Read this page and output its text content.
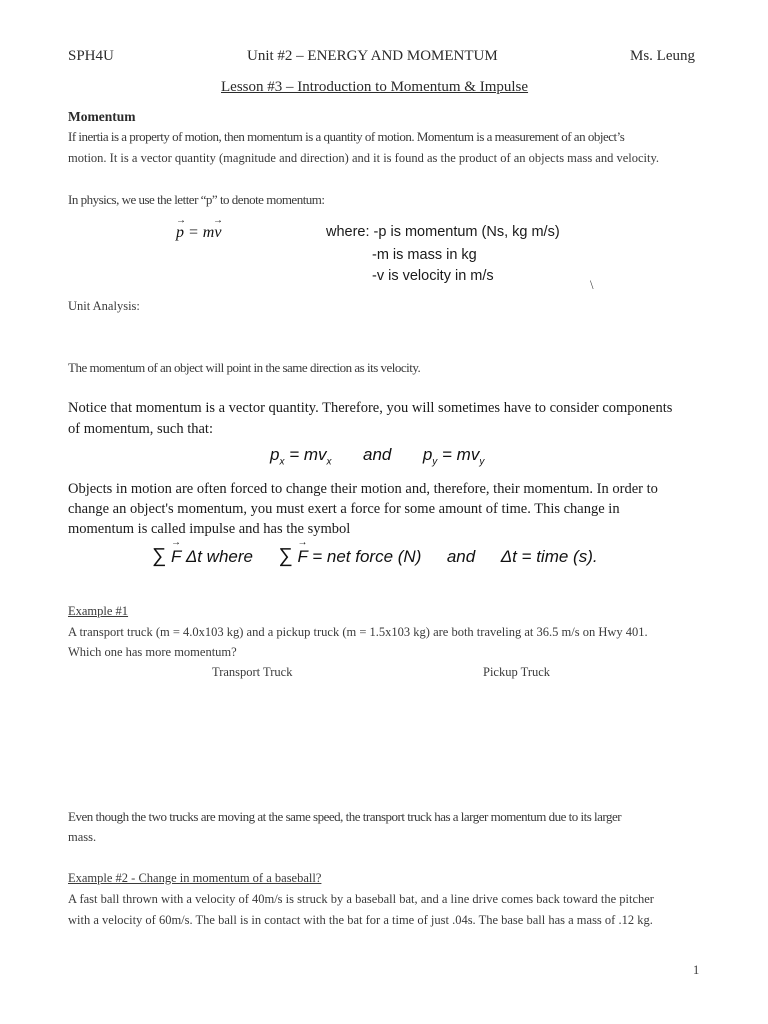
SPH4U	Unit #2 – ENERGY AND MOMENTUM	Ms. Leung
Lesson #3 – Introduction to Momentum & Impulse
Momentum
If inertia is a property of motion, then momentum is a quantity of motion. Momentum is a measurement of an object’s
motion. It is a vector quantity (magnitude and direction) and it is found as the product of an objects mass and velocity.
In physics, we use the letter “p” to denote momentum:
→	→
p = mv	where: -p is momentum (Ns, kg m/s)
-m is mass in kg
-v is velocity in m/s
\
Unit Analysis:
The momentum of an object will point in the same direction as its velocity.
Notice that momentum is a vector quantity. Therefore, you will sometimes have to consider components
of momentum, such that:
$p_x = mv_x$ and $p_y = mv_y$
Objects in motion are often forced to change their motion and, therefore, their momentum. In order to
change an object's momentum, you must exert a force for some amount of time. This change in
momentum is called impulse and has the symbol
∑
→
F Δt where ∑
→
F = net force (N) and Δt = time (s).
Example #1
A transport truck (m = 4.0x103 kg) and a pickup truck (m = 1.5x103 kg) are both traveling at 36.5 m/s on Hwy 401.
Which one has more momentum?
Transport Truck	Pickup Truck
Even though the two trucks are moving at the same speed, the transport truck has a larger momentum due to its larger
mass.
Example #2 - Change in momentum of a baseball?
A fast ball thrown with a velocity of 40m/s is struck by a baseball bat, and a line drive comes back toward the pitcher
with a velocity of 60m/s. The ball is in contact with the bat for a time of just .04s. The base ball has a mass of .12 kg.
1
